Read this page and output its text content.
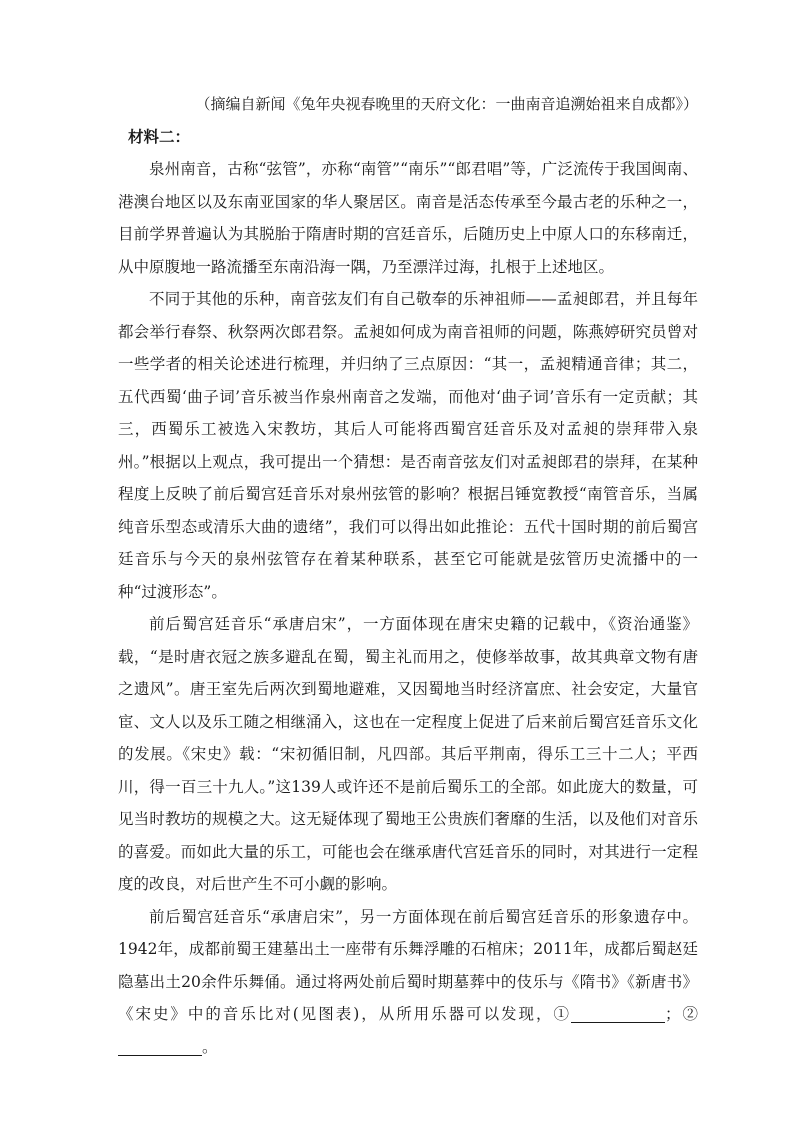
（摘编自新闻《兔年央视春晚里的天府文化：一曲南音追溯始祖来自成都》）

材料二：

泉州南音，古称“弦管”，亦称“南管”“南乐”“郎君唱”等，广泛流传于我国闽南、港澳台地区以及东南亚国家的华人聚居区。南音是活态传承至今最古老的乐种之一，目前学界普遍认为其脱胎于隋唐时期的宫廷音乐，后随历史上中原人口的东移南迁，从中原腹地一路流播至东南沿海一隅，乃至漂洋过海，扎根于上述地区。

不同于其他的乐种，南音弦友们有自己敬奉的乐神祖师——孟昶郎君，并且每年都会举行春祭、秋祭两次郎君祭。孟昶如何成为南音祖师的问题，陈燕婷研究员曾对一些学者的相关论述进行梳理，并归纳了三点原因：“其一，孟昶精通音律；其二，五代西蜀‘曲子词’音乐被当作泉州南音之发端，而他对‘曲子词’音乐有一定贡献；其三，西蜀乐工被选入宋教坊，其后人可能将西蜀宫廷音乐及对孟昶的崇拜带入泉州。”根据以上观点，我可提出一个猜想：是否南音弦友们对孟昶郎君的崇拜，在某种程度上反映了前后蜀宫廷音乐对泉州弦管的影响？根据吕锤宽教授“南管音乐，当属纯音乐型态或清乐大曲的遗绪”，我们可以得出如此推论：五代十国时期的前后蜀宫廷音乐与今天的泉州弦管存在着某种联系，甚至它可能就是弦管历史流播中的一种“过渡形态”。

前后蜀宫廷音乐“承唐启宋”，一方面体现在唐宋史籍的记载中，《资治通鉴》载，“是时唐衣冠之族多避乱在蜀，蜀主礼而用之，使修举故事，故其典章文物有唐之遗风”。唐王室先后两次到蜀地避难，又因蜀地当时经济富庶、社会安定，大量官宦、文人以及乐工随之相继涌入，这也在一定程度上促进了后来前后蜀宫廷音乐文化的发展。《宋史》载：“宋初循旧制，凡四部。其后平荆南，得乐工三十二人；平西川，得一百三十九人。”这139人或许还不是前后蜀乐工的全部。如此庞大的数量，可见当时教坊的规模之大。这无疑体现了蜀地王公贵族们奢靡的生活，以及他们对音乐的喜爱。而如此大量的乐工，可能也会在继承唐代宫廷音乐的同时，对其进行一定程度的改良，对后世产生不可小觑的影响。

前后蜀宫廷音乐“承唐启宋”，另一方面体现在前后蜀宫廷音乐的形象遗存中。1942年，成都前蜀王建墓出土一座带有乐舞浮雕的石棺床；2011年，成都后蜀赵廷隐墓出土20余件乐舞俑。通过将两处前后蜀时期墓葬中的伎乐与《隋书》《新唐书》《宋史》中的音乐比对(见图表)，从所用乐器可以发现，①	；②。
